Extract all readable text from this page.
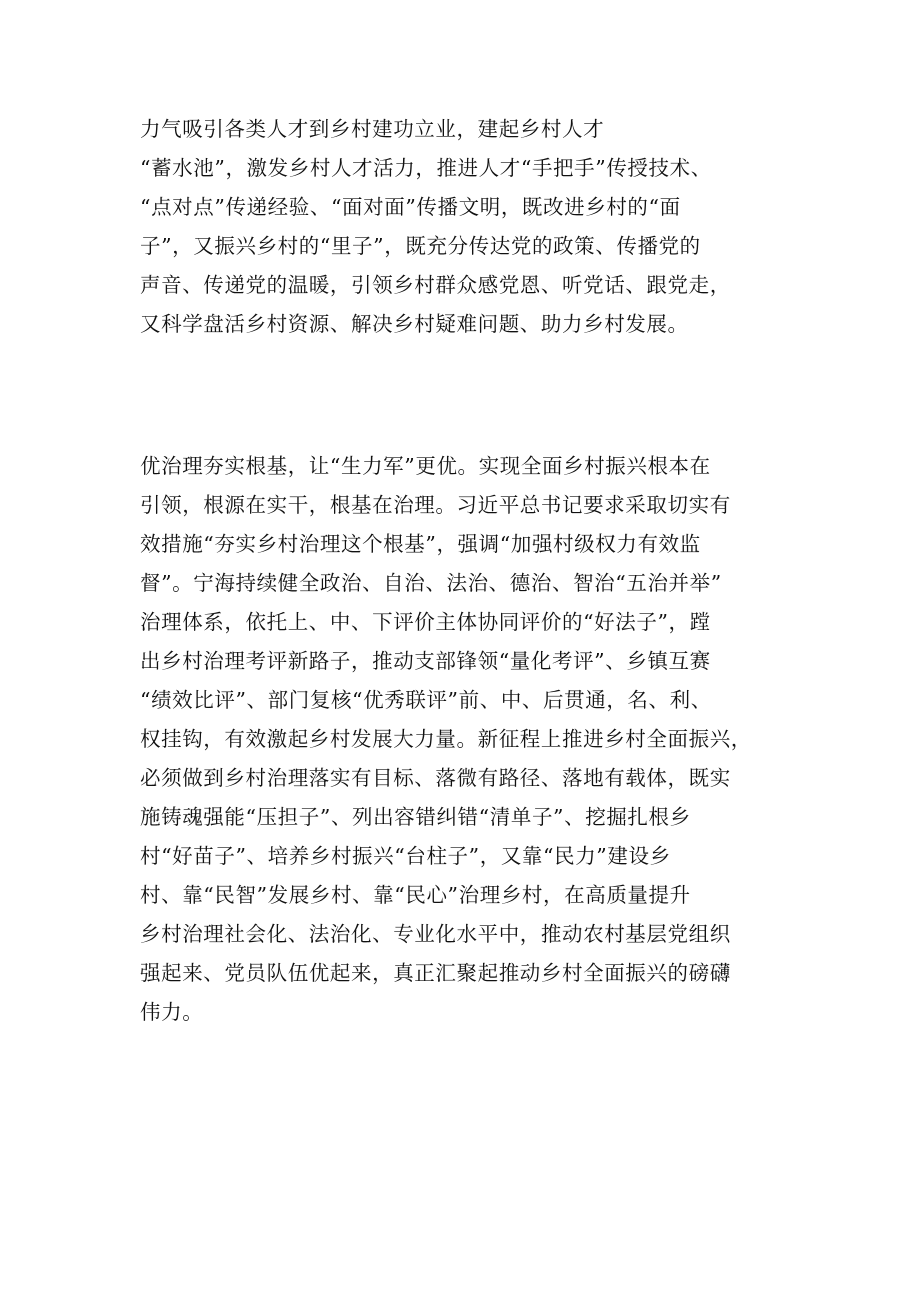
力气吸引各类人才到乡村建功立业，建起乡村人才
“蓄水池”，激发乡村人才活力，推进人才“手把手”传授技术、
“点对点”传递经验、“面对面”传播文明，既改进乡村的“面
子”，又振兴乡村的“里子”，既充分传达党的政策、传播党的
声音、传递党的温暖，引领乡村群众感党恩、听党话、跟党走，
又科学盘活乡村资源、解决乡村疑难问题、助力乡村发展。
优治理夯实根基，让“生力军”更优。实现全面乡村振兴根本在
引领，根源在实干，根基在治理。习近平总书记要求采取切实有
效措施“夯实乡村治理这个根基”，强调“加强村级权力有效监
督”。宁海持续健全政治、自治、法治、德治、智治“五治并举”
治理体系，依托上、中、下评价主体协同评价的“好法子”，蹚
出乡村治理考评新路子，推动支部锋领“量化考评”、乡镇互赛
“绩效比评”、部门复核“优秀联评”前、中、后贯通，名、利、
权挂钩，有效激起乡村发展大力量。新征程上推进乡村全面振兴，
必须做到乡村治理落实有目标、落微有路径、落地有载体，既实
施铸魂强能“压担子”、列出容错纠错“清单子”、挖掘扎根乡
村“好苗子”、培养乡村振兴“台柱子”，又靠“民力”建设乡
村、靠“民智”发展乡村、靠“民心”治理乡村，在高质量提升
乡村治理社会化、法治化、专业化水平中，推动农村基层党组织
强起来、党员队伍优起来，真正汇聚起推动乡村全面振兴的磅礴
伟力。
